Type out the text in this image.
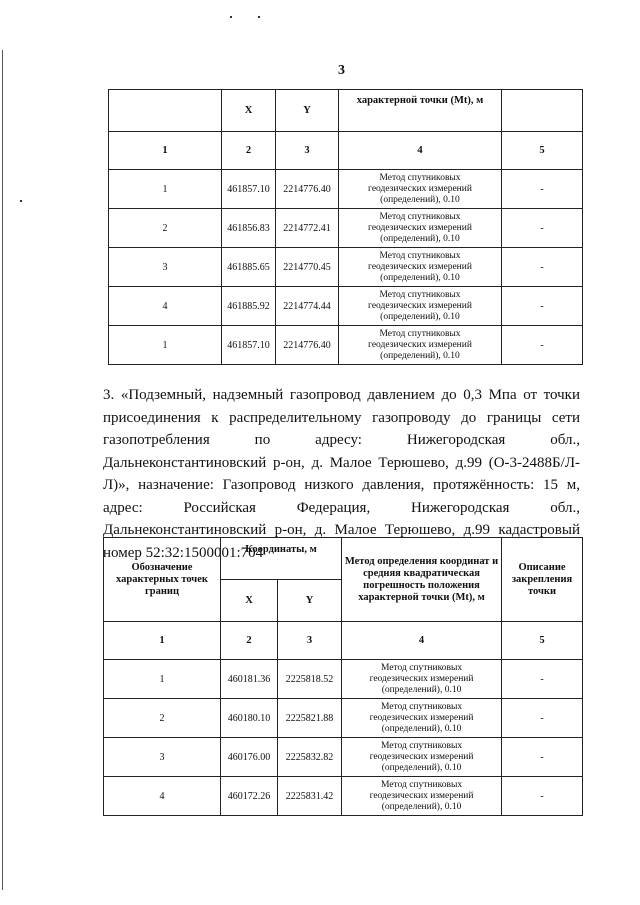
3
	X	Y	характерной точки (Mt), м	
1	2	3	4	5
1	461857.10	2214776.40	Метод спутниковых
геодезических измерений
(определений), 0.10	-
2	461856.83	2214772.41	Метод спутниковых
геодезических измерений
(определений), 0.10	-
3	461885.65	2214770.45	Метод спутниковых
геодезических измерений
(определений), 0.10	-
4	461885.92	2214774.44	Метод спутниковых
геодезических измерений
(определений), 0.10	-
1	461857.10	2214776.40	Метод спутниковых
геодезических измерений
(определений), 0.10	-
3. «Подземный, надземный газопровод давлением до 0,3 Мпа от точки присоединения к распределительному газопроводу до границы сети газопотребления по адресу: Нижегородская обл., Дальнеконстантиновский р-он, д. Малое Терюшево, д.99 (О-3-2488Б/Л-Л)», назначение: Газопровод низкого давления, протяжённость: 15 м, адрес: Российская Федерация, Нижегородская обл., Дальнеконстантиновский р-он, д. Малое Терюшево, д.99 кадастровый номер 52:32:1500001:704
Обозначение характерных точек границ	Координаты, м		Метод определения координат и средняя квадратическая погрешность положения характерной точки (Mt), м	Описание закрепления точки
	X	Y		
1	2	3	4	5
1	460181.36	2225818.52	Метод спутниковых
геодезических измерений
(определений), 0.10	-
2	460180.10	2225821.88	Метод спутниковых
геодезических измерений
(определений), 0.10	-
3	460176.00	2225832.82	Метод спутниковых
геодезических измерений
(определений), 0.10	-
4	460172.26	2225831.42	Метод спутниковых
геодезических измерений
(определений), 0.10	-
